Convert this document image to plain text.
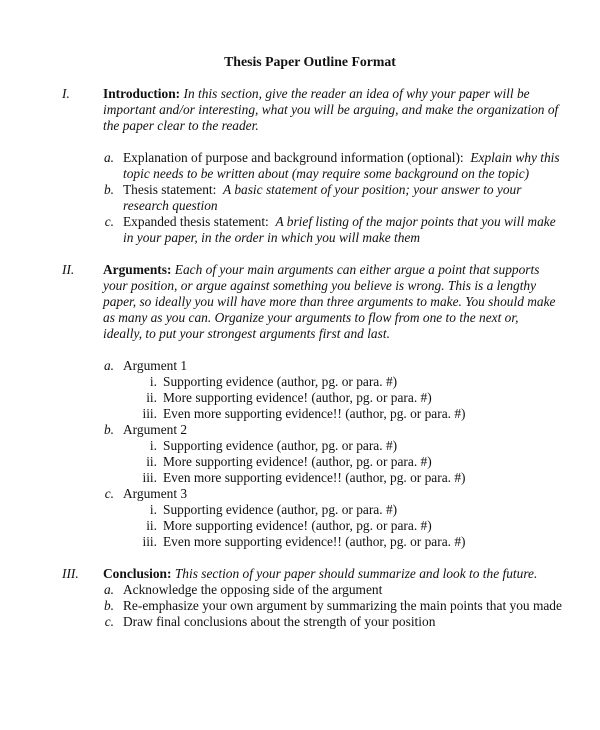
Thesis Paper Outline Format
I. Introduction: In this section, give the reader an idea of why your paper will be
important and/or interesting, what you will be arguing, and make the organization of
the paper clear to the reader.
a. Explanation of purpose and background information (optional): Explain why this
topic needs to be written about (may require some background on the topic)
b. Thesis statement: A basic statement of your position; your answer to your
research question
c. Expanded thesis statement: A brief listing of the major points that you will make
in your paper, in the order in which you will make them
II. Arguments: Each of your main arguments can either argue a point that supports
your position, or argue against something you believe is wrong. This is a lengthy
paper, so ideally you will have more than three arguments to make. You should make
as many as you can. Organize your arguments to flow from one to the next or,
ideally, to put your strongest arguments first and last.
a. Argument 1
i. Supporting evidence (author, pg. or para. #)
ii. More supporting evidence! (author, pg. or para. #)
iii. Even more supporting evidence!! (author, pg. or para. #)
b. Argument 2
i. Supporting evidence (author, pg. or para. #)
ii. More supporting evidence! (author, pg. or para. #)
iii. Even more supporting evidence!! (author, pg. or para. #)
c. Argument 3
i. Supporting evidence (author, pg. or para. #)
ii. More supporting evidence! (author, pg. or para. #)
iii. Even more supporting evidence!! (author, pg. or para. #)
III. Conclusion: This section of your paper should summarize and look to the future.
a. Acknowledge the opposing side of the argument
b. Re-emphasize your own argument by summarizing the main points that you made
c. Draw final conclusions about the strength of your position
